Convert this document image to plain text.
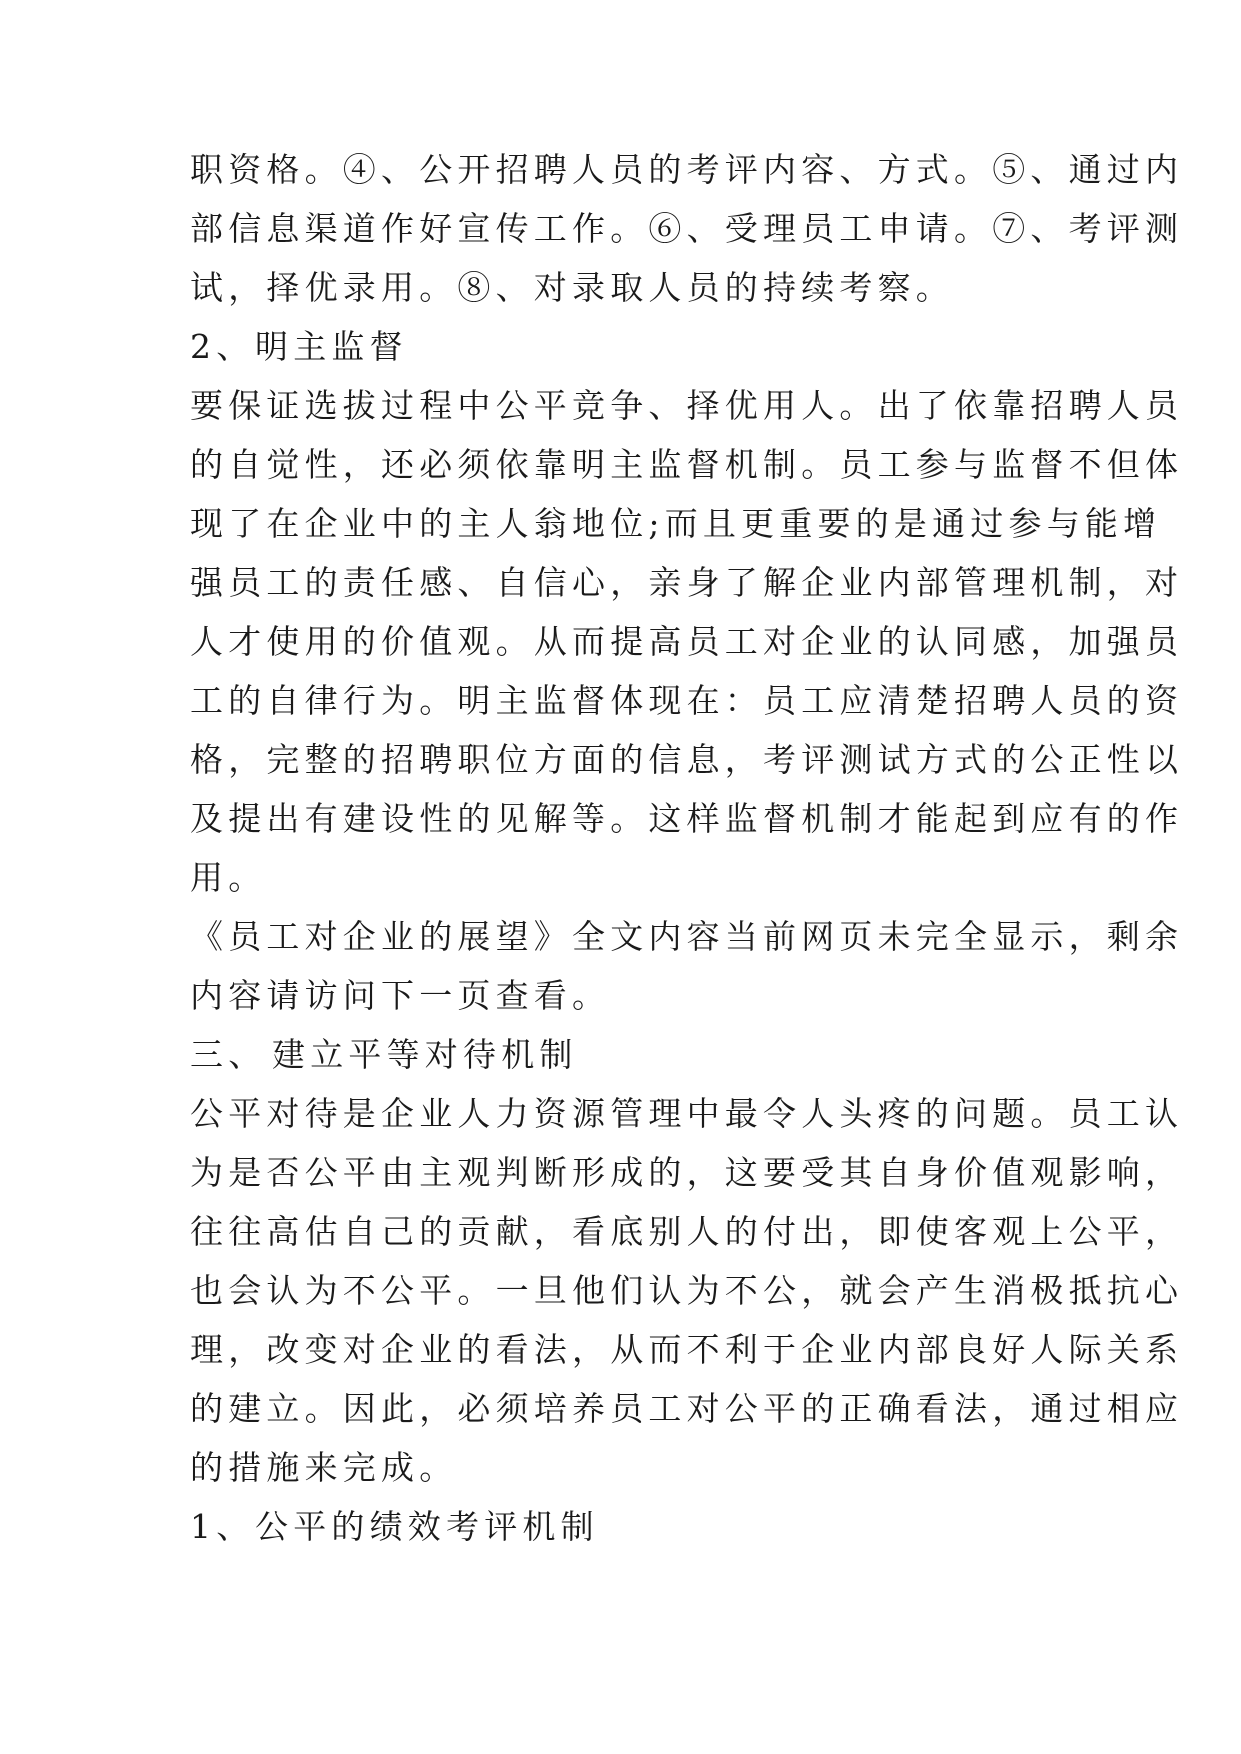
职资格。④、公开招聘人员的考评内容、方式。⑤、通过内
部信息渠道作好宣传工作。⑥、受理员工申请。⑦、考评测
试，择优录用。⑧、对录取人员的持续考察。
2、明主监督
要保证选拔过程中公平竞争、择优用人。出了依靠招聘人员
的自觉性，还必须依靠明主监督机制。员工参与监督不但体
现了在企业中的主人翁地位;而且更重要的是通过参与能增
强员工的责任感、自信心，亲身了解企业内部管理机制，对
人才使用的价值观。从而提高员工对企业的认同感，加强员
工的自律行为。明主监督体现在：员工应清楚招聘人员的资
格，完整的招聘职位方面的信息，考评测试方式的公正性以
及提出有建设性的见解等。这样监督机制才能起到应有的作
用。
《员工对企业的展望》全文内容当前网页未完全显示，剩余
内容请访问下一页查看。
三、 建立平等对待机制
公平对待是企业人力资源管理中最令人头疼的问题。员工认
为是否公平由主观判断形成的，这要受其自身价值观影响，
往往高估自己的贡献，看底别人的付出，即使客观上公平，
也会认为不公平。一旦他们认为不公，就会产生消极抵抗心
理，改变对企业的看法，从而不利于企业内部良好人际关系
的建立。因此，必须培养员工对公平的正确看法，通过相应
的措施来完成。
1、公平的绩效考评机制
